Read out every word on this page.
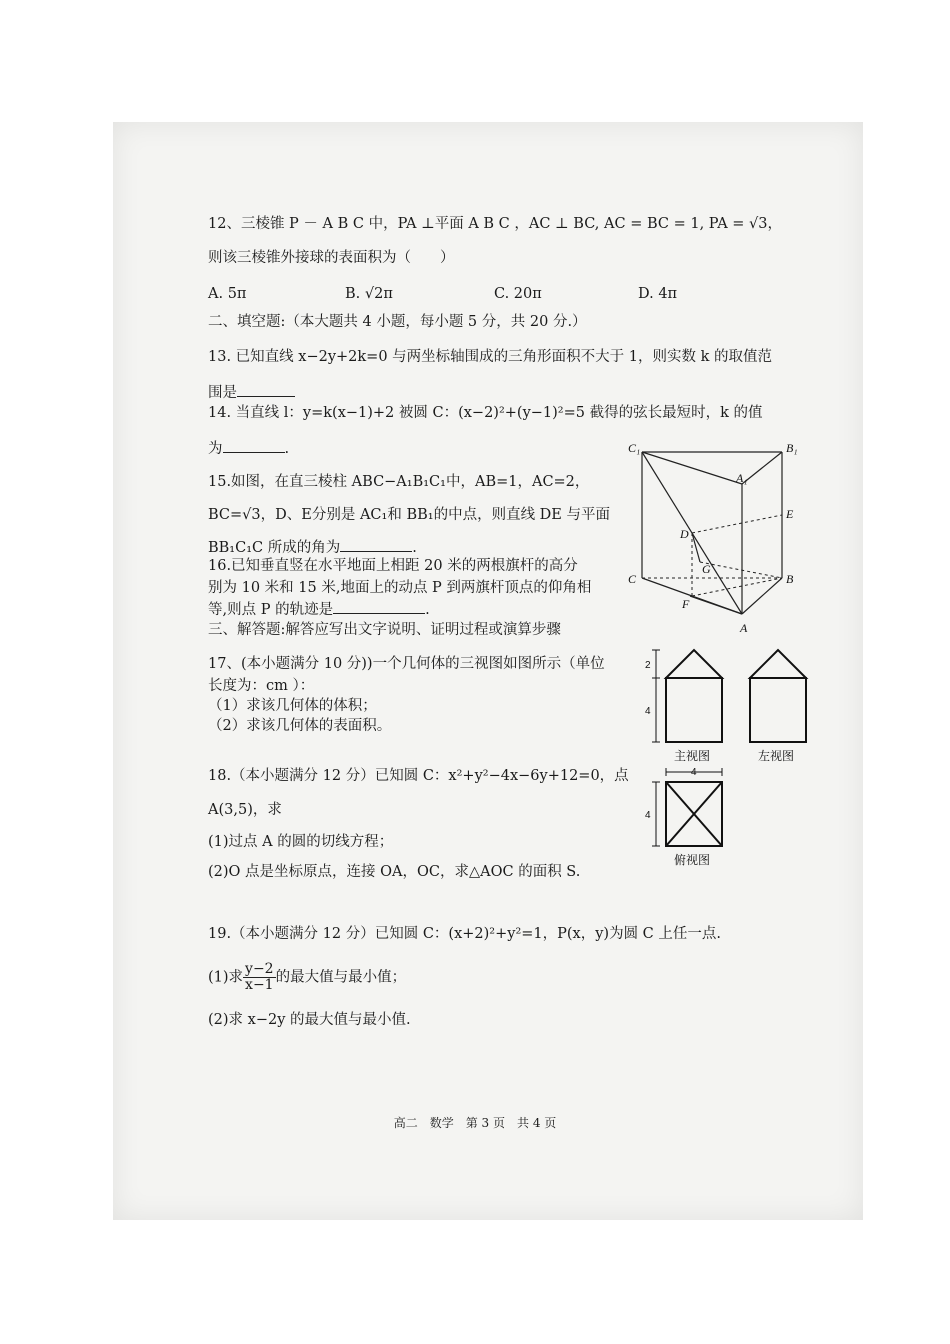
12、三棱锥 P － A B C 中，PA ⊥平面 A B C ，AC ⊥ BC, AC = BC = 1, PA = √3，
则该三棱锥外接球的表面积为（　　）
A. 5π	B. √2π	C. 20π	D. 4π
二、填空题:（本大题共 4 小题，每小题 5 分，共 20 分.）
13. 已知直线 x−2y+2k=0 与两坐标轴围成的三角形面积不大于 1，则实数 k 的取值范
围是
14. 当直线 l：y=k(x−1)+2 被圆 C：(x−2)²+(y−1)²=5 截得的弦长最短时，k 的值
为	.
15.如图，在直三棱柱 ABC−A₁B₁C₁中，AB=1，AC=2，
BC=√3，D、E分别是 AC₁和 BB₁的中点，则直线 DE 与平面
BB₁C₁C 所成的角为	.
16.已知垂直竖在水平地面上相距 20 米的两根旗杆的高分
别为 10 米和 15 米,地面上的动点 P 到两旗杆顶点的仰角相
等,则点 P 的轨迹是	.
三、解答题:解答应写出文字说明、证明过程或演算步骤
17、(本小题满分 10 分))一个几何体的三视图如图所示（单位
长度为：cm ）：
（1）求该几何体的体积；
（2）求该几何体的表面积。
18.（本小题满分 12 分）已知圆 C：x²+y²−4x−6y+12=0，点
A(3,5)，求
(1)过点 A 的圆的切线方程；
(2)O 点是坐标原点，连接 OA，OC，求△AOC 的面积 S.
19.（本小题满分 12 分）已知圆 C：(x+2)²+y²=1，P(x，y)为圆 C 上任一点.
(1)求 $\frac{y-2}{x-1}$ 的最大值与最小值；
(2)求 x−2y 的最大值与最小值.
C₁	B₁
A₁
E
D
C
G
B
F
A
2
4
主视图	左视图
4
4
俯视图
高二　数学　第 3 页　共 4 页
